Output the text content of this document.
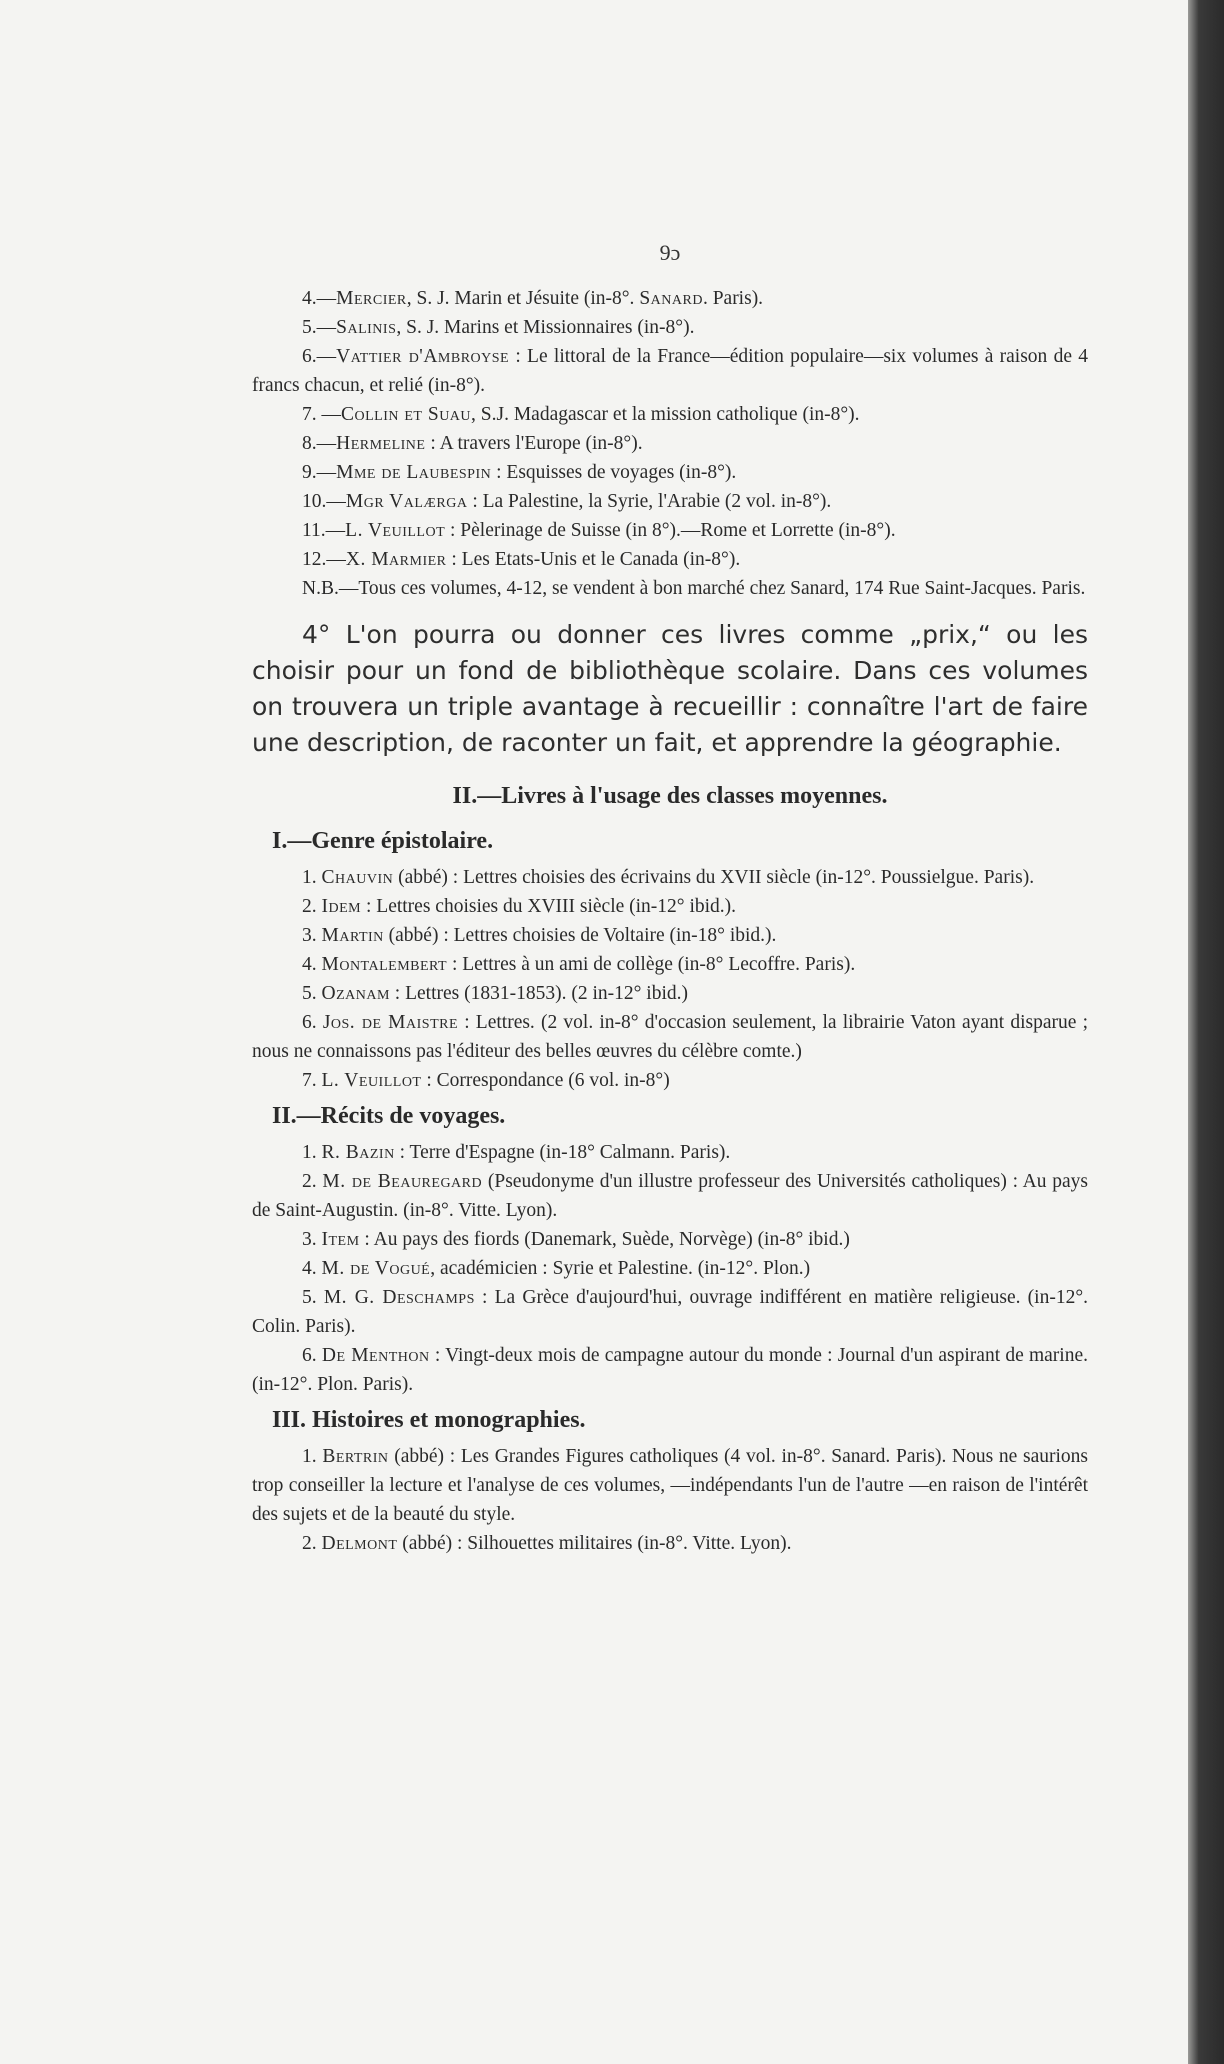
9ɔ

4.—Mercier, S. J. Marin et Jésuite (in-8°. Sanard. Paris).

5.—Salinis, S. J. Marins et Missionnaires (in-8°).

6.—Vattier d'Ambroyse : Le littoral de la France—édition populaire—six volumes à raison de 4 francs chacun, et relié (in-8°).

7. —Collin et Suau, S.J. Madagascar et la mission catholique (in-8°).

8.—Hermeline : A travers l'Europe (in-8°).

9.—Mme de Laubespin : Esquisses de voyages (in-8°).

10.—Mgr Valærga : La Palestine, la Syrie, l'Arabie (2 vol. in-8°).

11.—L. Veuillot : Pèlerinage de Suisse (in 8°).—Rome et Lorrette (in-8°).

12.—X. Marmier : Les Etats-Unis et le Canada (in-8°).

N.B.—Tous ces volumes, 4-12, se vendent à bon marché chez Sanard, 174 Rue Saint-Jacques. Paris.

4° L'on pourra ou donner ces livres comme „prix,“ ou les choisir pour un fond de bibliothèque scolaire. Dans ces volumes on trouvera un triple avantage à recueillir : connaître l'art de faire une description, de raconter un fait, et apprendre la géographie.

II.—Livres à l'usage des classes moyennes.
I.—Genre épistolaire.

1. Chauvin (abbé) : Lettres choisies des écrivains du XVII siècle (in-12°. Poussielgue. Paris).

2. Idem : Lettres choisies du XVIII siècle (in-12° ibid.).

3. Martin (abbé) : Lettres choisies de Voltaire (in-18° ibid.).

4. Montalembert : Lettres à un ami de collège (in-8° Lecoffre. Paris).

5. Ozanam : Lettres (1831-1853). (2 in-12° ibid.)

6. Jos. de Maistre : Lettres. (2 vol. in-8° d'occasion seulement, la librairie Vaton ayant disparue ; nous ne connaissons pas l'éditeur des belles œuvres du célèbre comte.)

7. L. Veuillot : Correspondance (6 vol. in-8°)

II.—Récits de voyages.

1. R. Bazin : Terre d'Espagne (in-18° Calmann. Paris).

2. M. de Beauregard (Pseudonyme d'un illustre professeur des Universités catholiques) : Au pays de Saint-Augustin. (in-8°. Vitte. Lyon).

3. Item : Au pays des fiords (Danemark, Suède, Norvège) (in-8° ibid.)

4. M. de Vogué, académicien : Syrie et Palestine. (in-12°. Plon.)

5. M. G. Deschamps : La Grèce d'aujourd'hui, ouvrage indifférent en matière religieuse. (in-12°. Colin. Paris).

6. De Menthon : Vingt-deux mois de campagne autour du monde : Journal d'un aspirant de marine. (in-12°. Plon. Paris).

III. Histoires et monographies.

1. Bertrin (abbé) : Les Grandes Figures catholiques (4 vol. in-8°. Sanard. Paris). Nous ne saurions trop conseiller la lecture et l'analyse de ces volumes, —indépendants l'un de l'autre —en raison de l'intérêt des sujets et de la beauté du style.

2. Delmont (abbé) : Silhouettes militaires (in-8°. Vitte. Lyon).
